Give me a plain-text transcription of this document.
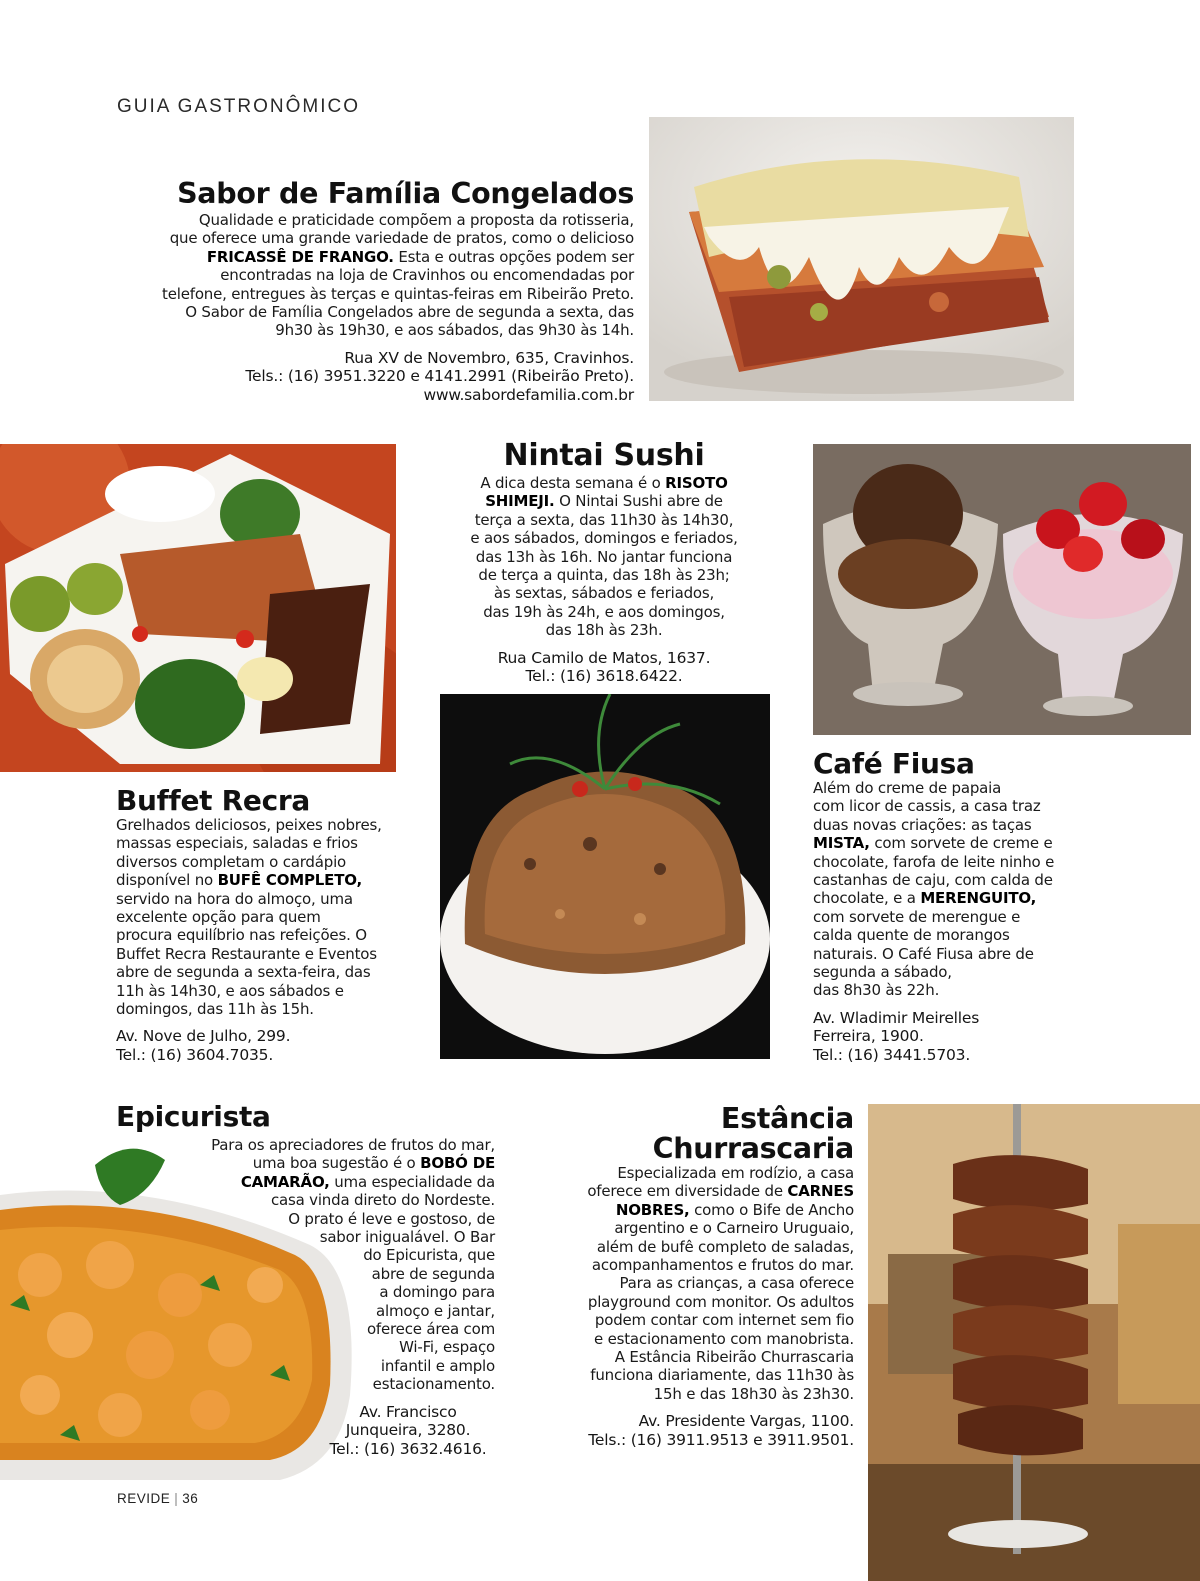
GUIA GASTRONÔMICO
Sabor de Família Congelados
Qualidade e praticidade compõem a proposta da rotisseria,
que oferece uma grande variedade de pratos, como o delicioso
FRICASSÊ DE FRANGO. Esta e outras opções podem ser
encontradas na loja de Cravinhos ou encomendadas por
telefone, entregues às terças e quintas-feiras em Ribeirão Preto.
O Sabor de Família Congelados abre de segunda a sexta, das
9h30 às 19h30, e aos sábados, das 9h30 às 14h.
Rua XV de Novembro, 635, Cravinhos.
Tels.: (16) 3951.3220 e 4141.2991 (Ribeirão Preto).
www.sabordefamilia.com.br
Buffet Recra
Grelhados deliciosos, peixes nobres,
massas especiais, saladas e frios
diversos completam o cardápio
disponível no BUFÊ COMPLETO,
servido na hora do almoço, uma
excelente opção para quem
procura equilíbrio nas refeições. O
Buffet Recra Restaurante e Eventos
abre de segunda a sexta-feira, das
11h às 14h30, e aos sábados e
domingos, das 11h às 15h.
Av. Nove de Julho, 299.
Tel.: (16) 3604.7035.
Nintai Sushi
A dica desta semana é o RISOTO
SHIMEJI. O Nintai Sushi abre de
terça a sexta, das 11h30 às 14h30,
e aos sábados, domingos e feriados,
das 13h às 16h. No jantar funciona
de terça a quinta, das 18h às 23h;
às sextas, sábados e feriados,
das 19h às 24h, e aos domingos,
das 18h às 23h.
Rua Camilo de Matos, 1637.
Tel.: (16) 3618.6422.
Café Fiusa
Além do creme de papaia
com licor de cassis, a casa traz
duas novas criações: as taças
MISTA, com sorvete de creme e
chocolate, farofa de leite ninho e
castanhas de caju, com calda de
chocolate, e a MERENGUITO,
com sorvete de merengue e
calda quente de morangos
naturais. O Café Fiusa abre de
segunda a sábado,
das 8h30 às 22h.
Av. Wladimir Meirelles
Ferreira, 1900.
Tel.: (16) 3441.5703.
Para os apreciadores de frutos do mar,
uma boa sugestão é o BOBÓ DE
CAMARÃO, uma especialidade da
casa vinda direto do Nordeste.
O prato é leve e gostoso, de
sabor inigualável. O Bar
do Epicurista, que
abre de segunda
a domingo para
almoço e jantar,
oferece área com
Wi-Fi, espaço
infantil e amplo
estacionamento.
Av. Francisco
Junqueira, 3280.
Tel.: (16) 3632.4616.
Epicurista	Estância
Churrascaria
Especializada em rodízio, a casa
oferece em diversidade de CARNES
NOBRES, como o Bife de Ancho
argentino e o Carneiro Uruguaio,
além de bufê completo de saladas,
acompanhamentos e frutos do mar.
Para as crianças, a casa oferece
playground com monitor. Os adultos
podem contar com internet sem fio
e estacionamento com manobrista.
A Estância Ribeirão Churrascaria
funciona diariamente, das 11h30 às
15h e das 18h30 às 23h30.
Av. Presidente Vargas, 1100.
Tels.: (16) 3911.9513 e 3911.9501.
REVIDE | 36
